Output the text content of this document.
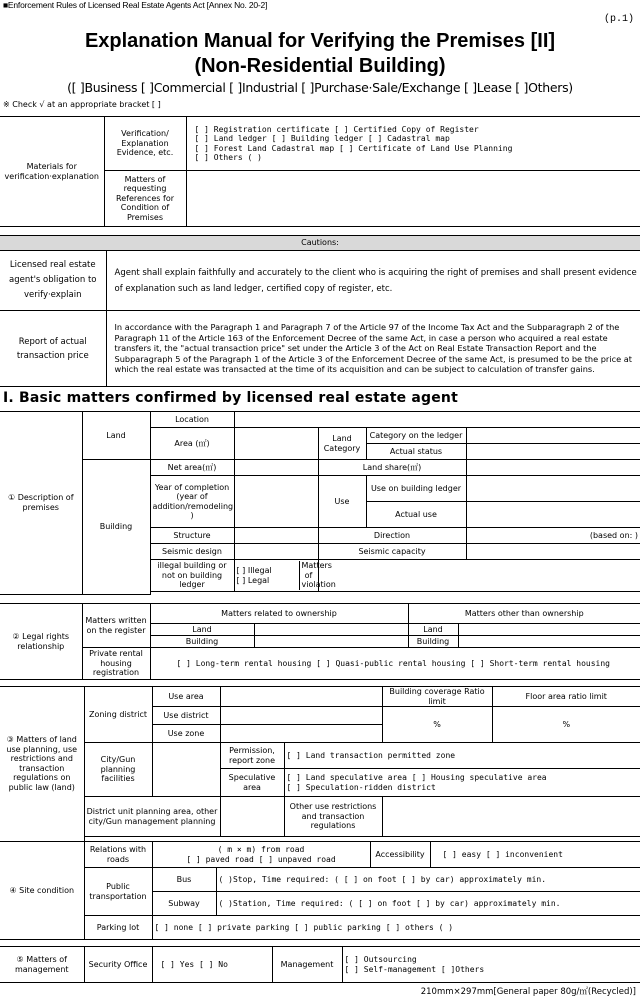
■Enforcement Rules of Licensed Real Estate Agents Act [Annex No. 20-2]
(p.1)
Explanation Manual for Verifying the Premises [II]
(Non-Residential Building)
([ ]Business [ ]Commercial [ ]Industrial [ ]Purchase·Sale/Exchange [ ]Lease [ ]Others)
※ Check √ at an appropriate bracket [ ]
Materials for verification·explanation	Verification/ Explanation Evidence, etc.	[ ] Registration certificate [ ] Certified Copy of Register
[ ] Land ledger [ ] Building ledger [ ] Cadastral map
[ ] Forest Land Cadastral map [ ] Certificate of Land Use Planning
[ ] Others ( )

	Matters of requesting References for Condition of Premises	
Cautions:	
Licensed real estate agent's obligation to verify·explain	Agent shall explain faithfully and accurately to the client who is acquiring the right of premises and shall present evidence of explanation such as land ledger, certified copy of register, etc.
Report of actual transaction price	In accordance with the Paragraph 1 and Paragraph 7 of the Article 97 of the Income Tax Act and the Subparagraph 2 of the Paragraph 11 of the Article 163 of the Enforcement Decree of the same Act, in case a person who acquired a real estate transfers it, the "actual transaction price" set under the Article 3 of the Act on Real Estate Transaction Report and the Subparagraph 5 of the Paragraph 1 of the Article 3 of the Enforcement Decree of the same Act, is presumed to be the price at which the real estate was transacted at the time of its acquisition and can be subject to calculation of transfer gains.
Ⅰ. Basic matters confirmed by licensed real estate agent
① Description of premises	Land	Location	
Area (㎡)		Land Category	Category on the ledger	
Actual status	
Building	Net area(㎡)		Land share(㎡)	
Year of completion (year of addition/remodeling )		Use	Use on building ledger	
Actual use	
Structure		Direction	(based on: )
Seismic design		Seismic capacity	
illegal building or not on building ledger	
[ ] Illegal
[ ] Legal
	Matters of violation

② Legal rights relationship	Matters written on the register	Matters related to ownership		Matters other than ownership	
		Land		Land	
		Building		Building	
	Private rental housing registration	[ ] Long-term rental housing [ ] Quasi-public rental housing [ ] Short-term rental housing			
③ Matters of land use planning, use restrictions and transaction regulations on public law (land)	Zoning district	Use area			Building coverage Ratio limit	Floor area ratio limit
		Use district			%	%
		Use zone				
	City/Gun planning facilities		Permission, report zone	[ ] Land transaction permitted zone		
			Speculative area	[ ] Land speculative area [ ] Housing speculative area
[ ] Speculation-ridden district		

	District unit planning area, other city/Gun management planning			Other use restrictions and transaction regulations		

④ Site condition	Relations with roads	( m × m) from road
[ ] paved road [ ] unpaved road		Accessibility	[ ] easy [ ] inconvenient
	Public transportation	Bus	( )Stop, Time required: ( [ ] on foot [ ] by car) approximately min.		
		Subway	( )Station, Time required: ( [ ] on foot [ ] by car) approximately min.		
	Parking lot	[ ] none [ ] private parking [ ] public parking [ ] others ( )			
⑤ Matters of management	Security Office	[ ] Yes [ ] No	Management	
[ ] Outsourcing
[ ] Self-management [ ]Others
210mm×297mm[General paper 80g/㎡(Recycled)]
